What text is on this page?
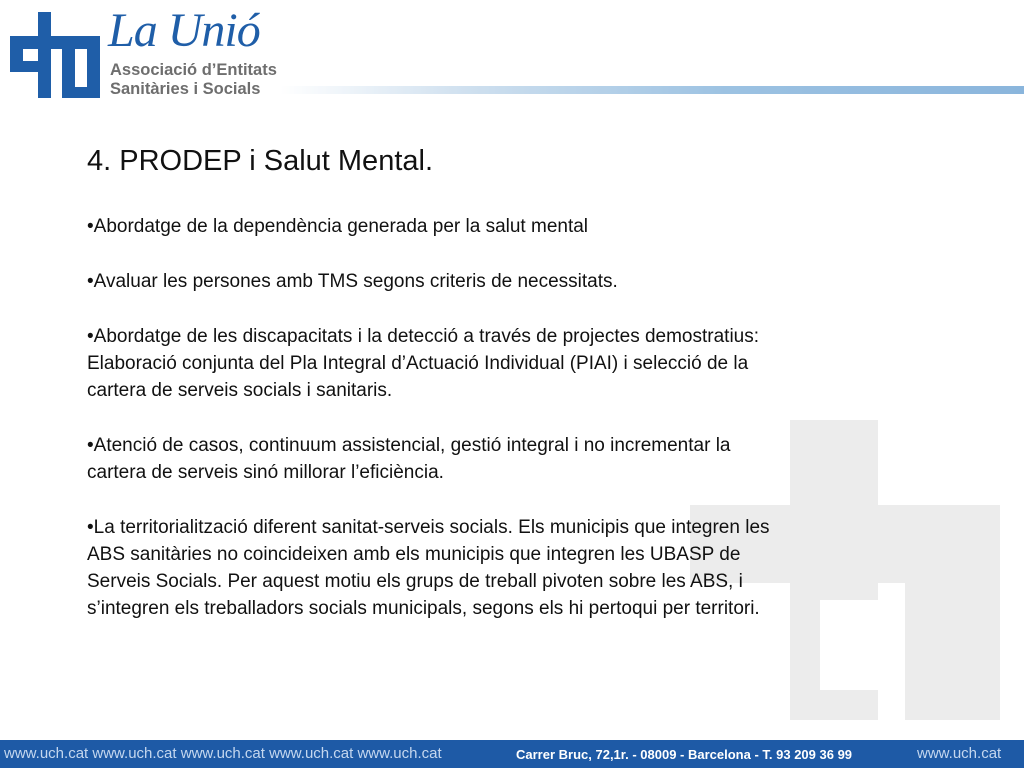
La Unió
Associació d’Entitats
Sanitàries i Socials
4. PRODEP i Salut Mental.
•Abordatge de la dependència generada per la salut mental
•Avaluar les persones amb TMS segons criteris de necessitats.
•Abordatge de les discapacitats i la detecció a través de projectes demostratius:
Elaboració conjunta del Pla Integral d’Actuació Individual (PIAI) i selecció de la
cartera de serveis socials i sanitaris.
•Atenció de casos, continuum assistencial, gestió integral i no incrementar la
cartera de serveis sinó millorar l’eficiència.
•La territorialització diferent sanitat-serveis socials. Els municipis que integren les
ABS sanitàries no coincideixen amb els municipis que integren les UBASP de
Serveis Socials. Per aquest motiu els grups de treball pivoten sobre les ABS, i
s’integren els treballadors socials municipals, segons els hi pertoqui per territori.
www.uch.cat www.uch.cat www.uch.cat www.uch.cat www.uch.cat	Carrer Bruc, 72,1r. - 08009 - Barcelona - T. 93 209 36 99	www.uch.cat
